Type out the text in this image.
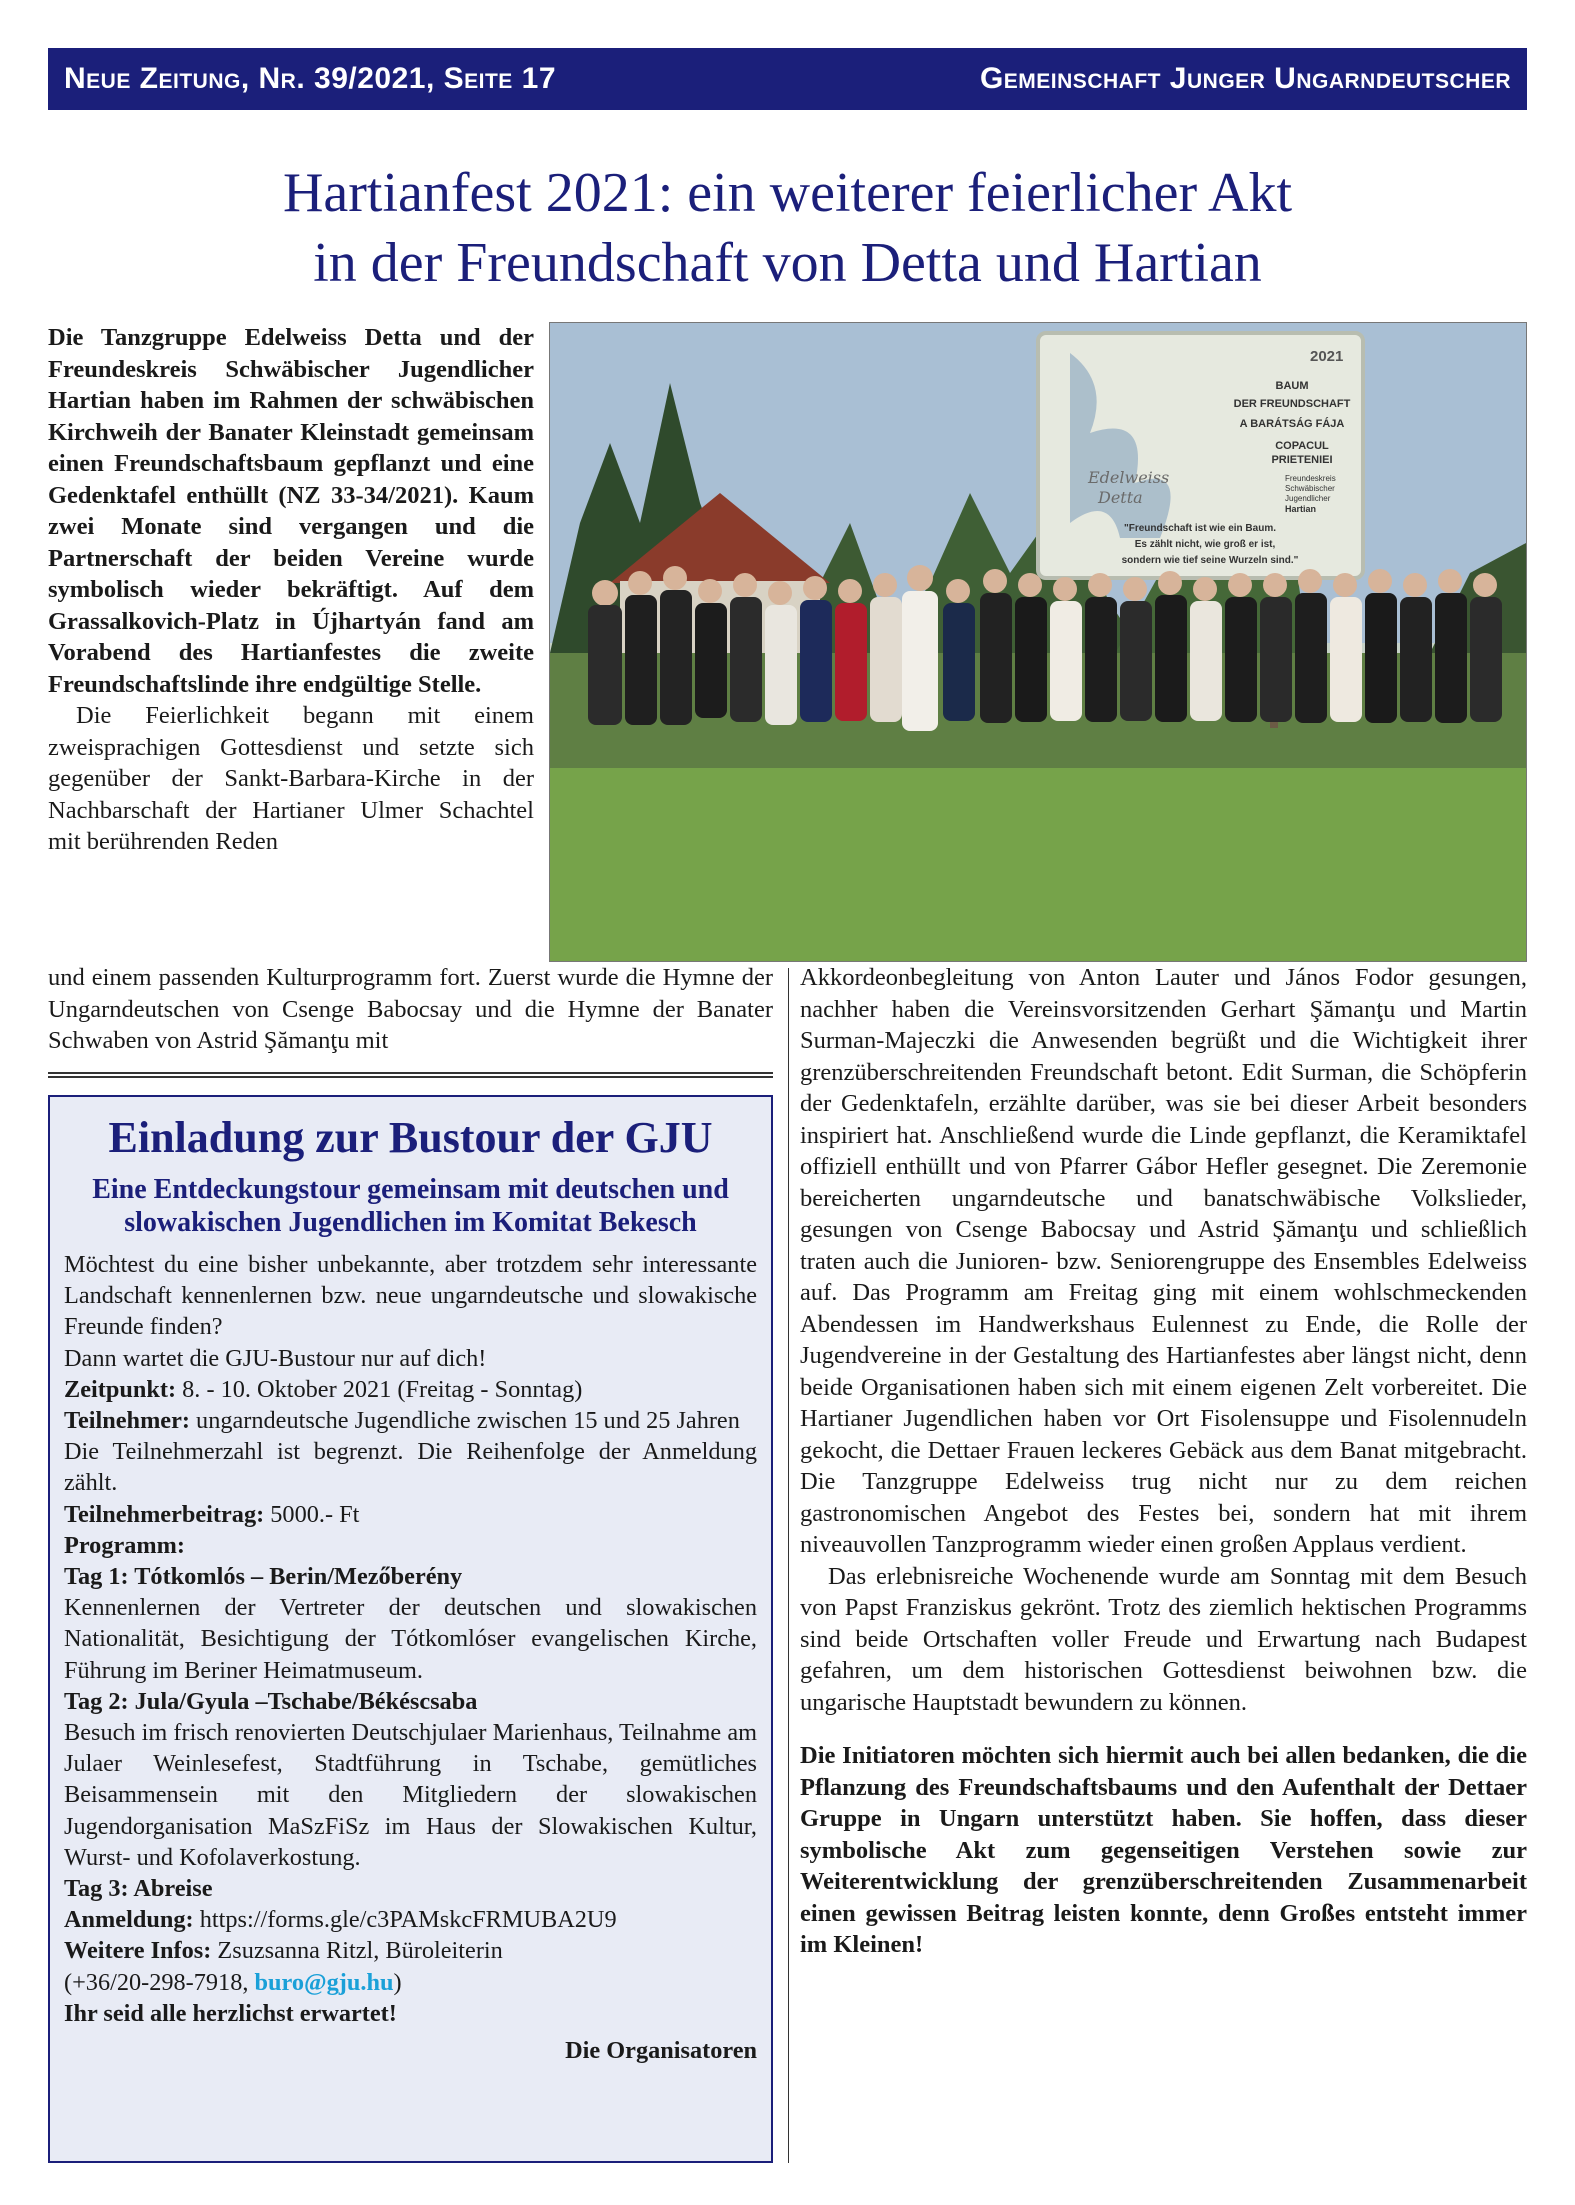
Neue Zeitung, Nr. 39/2021, Seite 17	Gemeinschaft Junger Ungarndeutscher
Hartianfest 2021: ein weiterer feierlicher Akt
in der Freundschaft von Detta und Hartian

Die Tanzgruppe Edelweiss Detta und der Freundeskreis Schwäbischer Jugendlicher Hartian haben im Rahmen der schwäbischen Kirchweih der Banater Kleinstadt gemeinsam einen Freundschaftsbaum gepflanzt und eine Gedenktafel enthüllt (NZ 33-34/2021). Kaum zwei Monate sind vergangen und die Partnerschaft der beiden Vereine wurde symbolisch wieder bekräftigt. Auf dem Grassalkovich-Platz in Újhartyán fand am Vorabend des Hartianfestes die zweite Freundschaftslinde ihre endgültige Stelle.

Die Feierlichkeit begann mit einem zweisprachigen Gottesdienst und setzte sich gegenüber der Sankt-Barbara-Kirche in der Nachbarschaft der Hartianer Ulmer Schachtel mit berührenden Reden

2021
BAUM
DER FREUNDSCHAFT
A BARÁTSÁG FÁJA
COPACUL
PRIETENIEI
Edelweiss
Detta
Freundeskreis
Schwäbischer
Jugendlicher
Hartian
"Freundschaft ist wie ein Baum.
Es zählt nicht, wie groß er ist,
sondern wie tief seine Wurzeln sind."

und einem passenden Kulturprogramm fort. Zuerst wurde die Hymne der Ungarndeutschen von Csenge Babocsay und die Hymne der Banater Schwaben von Astrid Şămanţu mit

Akkordeonbegleitung von Anton Lauter und János Fodor gesungen, nachher haben die Vereinsvorsitzenden Gerhart Şămanţu und Martin Surman-Majeczki die Anwesenden begrüßt und die Wichtigkeit ihrer grenzüberschreitenden Freundschaft betont. Edit Surman, die Schöpferin der Gedenktafeln, erzählte darüber, was sie bei dieser Arbeit besonders inspiriert hat. Anschließend wurde die Linde gepflanzt, die Keramiktafel offiziell enthüllt und von Pfarrer Gábor Hefler gesegnet. Die Zeremonie bereicherten ungarndeutsche und banatschwäbische Volkslieder, gesungen von Csenge Babocsay und Astrid Şămanţu und schließlich traten auch die Junioren- bzw. Seniorengruppe des Ensembles Edelweiss auf. Das Programm am Freitag ging mit einem wohlschmeckenden Abendessen im Handwerkshaus Eulennest zu Ende, die Rolle der Jugendvereine in der Gestaltung des Hartianfestes aber längst nicht, denn beide Organisationen haben sich mit einem eigenen Zelt vorbereitet. Die Hartianer Jugendlichen haben vor Ort Fisolensuppe und Fisolennudeln gekocht, die Dettaer Frauen leckeres Gebäck aus dem Banat mitgebracht. Die Tanzgruppe Edelweiss trug nicht nur zu dem reichen gastronomischen Angebot des Festes bei, sondern hat mit ihrem niveauvollen Tanzprogramm wieder einen großen Applaus verdient.

Das erlebnisreiche Wochenende wurde am Sonntag mit dem Besuch von Papst Franziskus gekrönt. Trotz des ziemlich hektischen Programms sind beide Ortschaften voller Freude und Erwartung nach Budapest gefahren, um dem historischen Gottesdienst beiwohnen bzw. die ungarische Hauptstadt bewundern zu können.

Die Initiatoren möchten sich hiermit auch bei allen bedanken, die die Pflanzung des Freundschaftsbaums und den Aufenthalt der Dettaer Gruppe in Ungarn unterstützt haben. Sie hoffen, dass dieser symbolische Akt zum gegenseitigen Verstehen sowie zur Weiterentwicklung der grenzüberschreitenden Zusammenarbeit einen gewissen Beitrag leisten konnte, denn Großes entsteht immer im Kleinen!

Einladung zur Bustour der GJU
Eine Entdeckungstour gemeinsam mit deutschen und slowakischen Jugendlichen im Komitat Bekesch

Möchtest du eine bisher unbekannte, aber trotzdem sehr interessante Landschaft kennenlernen bzw. neue ungarndeutsche und slowakische Freunde finden?

Dann wartet die GJU-Bustour nur auf dich!

Zeitpunkt: 8. - 10. Oktober 2021 (Freitag - Sonntag)

Teilnehmer: ungarndeutsche Jugendliche zwischen 15 und 25 Jahren

Die Teilnehmerzahl ist begrenzt. Die Reihenfolge der Anmeldung zählt.

Teilnehmerbeitrag: 5000.- Ft

Programm:

Tag 1: Tótkomlós – Berin/Mezőberény

Kennenlernen der Vertreter der deutschen und slowakischen Nationalität, Besichtigung der Tótkomlóser evangelischen Kirche, Führung im Beriner Heimatmuseum.

Tag 2: Jula/Gyula –Tschabe/Békéscsaba

Besuch im frisch renovierten Deutschjulaer Marienhaus, Teilnahme am Julaer Weinlesefest, Stadtführung in Tschabe, gemütliches Beisammensein mit den Mitgliedern der slowakischen Jugendorganisation MaSzFiSz im Haus der Slowakischen Kultur, Wurst- und Kofolaverkostung.

Tag 3: Abreise

Anmeldung: https://forms.gle/c3PAMskcFRMUBA2U9

Weitere Infos: Zsuzsanna Ritzl, Büroleiterin

(+36/20-298-7918, buro@gju.hu)

Ihr seid alle herzlichst erwartet!

Die Organisatoren
